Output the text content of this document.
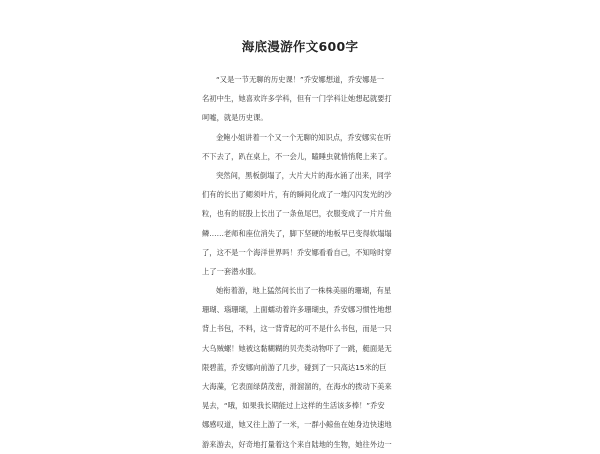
海底漫游作文600字
“又是一节无聊的历史课！”乔安娜想道，乔安娜是一
名初中生，她喜欢许多学科，但有一门学科让她想起就要打
呵嘘，就是历史课。
金鲍小姐讲着一个又一个无聊的知识点，乔安娜实在听
不下去了，趴在桌上，不一会儿，瞌睡虫就悄悄爬上来了。
突然间，黑板倒塌了，大片大片的海水涌了出来，同学
们有的长出了鳃须叶片，有的瞬间化成了一堆闪闪发光的沙
粒，也有的屁股上长出了一条鱼尾巴，衣服变成了一片片鱼
鳞……老师和座位消失了，脚下坚硬的地板早已变得软塌塌
了，这不是一个海洋世界吗！乔安娜看看自己，不知啥时穿
上了一套潜水服。
她衔着游，地上猛然间长出了一株株美丽的珊瑚，有星
珊瑚、瑙珊瑚，上面蠕动着许多珊瑚虫，乔安娜习惯性地想
背上书包，不料，这一背背起的可不是什么书包，而是一只
大乌贼螺！她被这黏糊糊的贝壳类动物吓了一跳，艇面是无
限碧蓝，乔安娜向前游了几步，碰到了一只高达15米的巨
大海藻，它表面绿荫茂密，滑溜溜的，在海水的拨动下美来
晃去，“哦，如果我长期能过上这样的生活该多棒！”乔安
娜感叹道，她又往上游了一米，一群小鲸鱼在她身边快速地
游来游去，好奇地打量着这个来自陆地的生物，她往外边一
